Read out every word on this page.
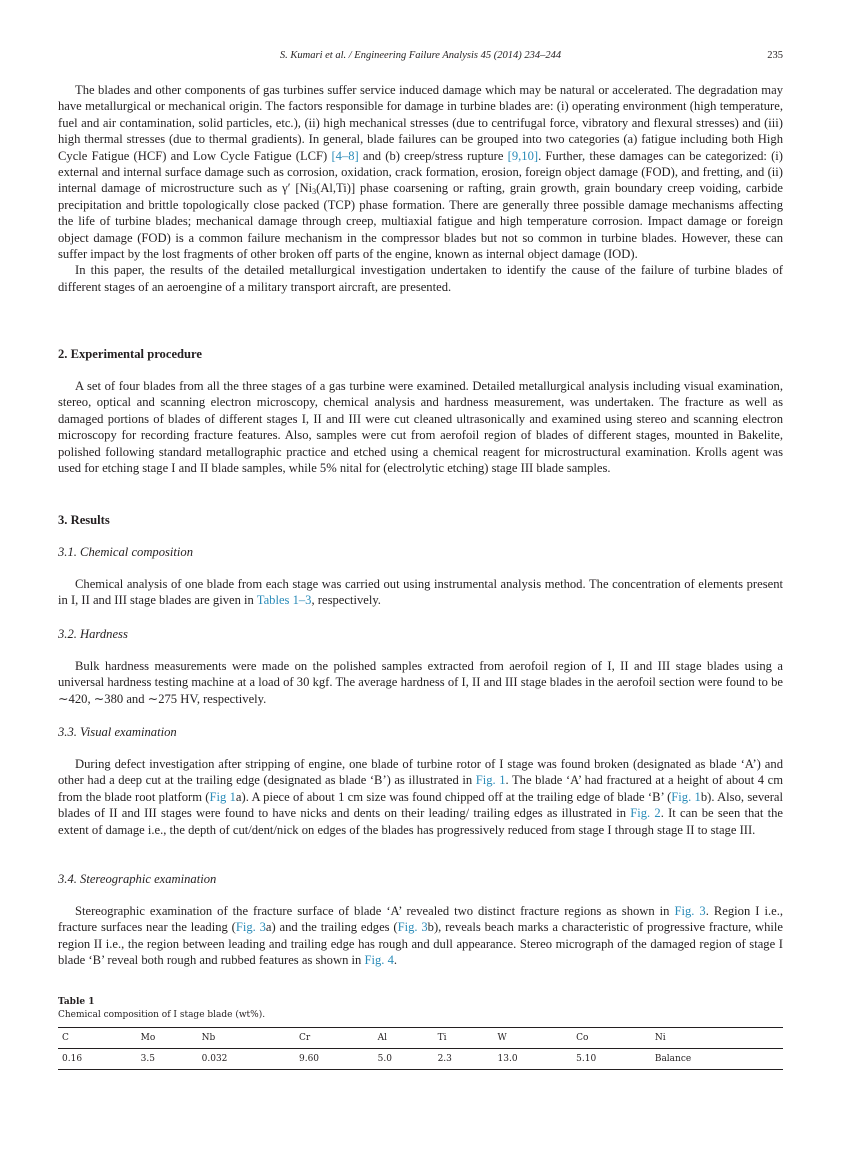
S. Kumari et al. / Engineering Failure Analysis 45 (2014) 234–244	235

The blades and other components of gas turbines suffer service induced damage which may be natural or accelerated. The degradation may have metallurgical or mechanical origin. The factors responsible for damage in turbine blades are: (i) operating environment (high temperature, fuel and air contamination, solid particles, etc.), (ii) high mechanical stresses (due to centrifugal force, vibratory and flexural stresses) and (iii) high thermal stresses (due to thermal gradients). In general, blade failures can be grouped into two categories (a) fatigue including both High Cycle Fatigue (HCF) and Low Cycle Fatigue (LCF) [4–8] and (b) creep/stress rupture [9,10]. Further, these damages can be categorized: (i) external and internal surface damage such as corrosion, oxidation, crack formation, erosion, foreign object damage (FOD), and fretting, and (ii) internal damage of microstructure such as γ′ $[Ni_3(Al,Ti)]$ phase coarsening or rafting, grain growth, grain boundary creep voiding, carbide precipitation and brittle topologically close packed (TCP) phase formation. There are generally three possible damage mechanisms affecting the life of turbine blades; mechanical damage through creep, multiaxial fatigue and high temperature corrosion. Impact damage or foreign object damage (FOD) is a common failure mechanism in the compressor blades but not so common in turbine blades. However, these can suffer impact by the lost fragments of other broken off parts of the engine, known as internal object damage (IOD).

In this paper, the results of the detailed metallurgical investigation undertaken to identify the cause of the failure of turbine blades of different stages of an aeroengine of a military transport aircraft, are presented.

2. Experimental procedure

A set of four blades from all the three stages of a gas turbine were examined. Detailed metallurgical analysis including visual examination, stereo, optical and scanning electron microscopy, chemical analysis and hardness measurement, was undertaken. The fracture as well as damaged portions of blades of different stages I, II and III were cut cleaned ultrasonically and examined using stereo and scanning electron microscopy for recording fracture features. Also, samples were cut from aerofoil region of blades of different stages, mounted in Bakelite, polished following standard metallographic practice and etched using a chemical reagent for microstructural examination. Krolls agent was used for etching stage I and II blade samples, while 5% nital for (electrolytic etching) stage III blade samples.

3. Results
3.1. Chemical composition

Chemical analysis of one blade from each stage was carried out using instrumental analysis method. The concentration of elements present in I, II and III stage blades are given in Tables 1–3, respectively.

3.2. Hardness

Bulk hardness measurements were made on the polished samples extracted from aerofoil region of I, II and III stage blades using a universal hardness testing machine at a load of 30 kgf. The average hardness of I, II and III stage blades in the aerofoil section were found to be ∼420, ∼380 and ∼275 HV, respectively.

3.3. Visual examination

During defect investigation after stripping of engine, one blade of turbine rotor of I stage was found broken (designated as blade ‘A’) and other had a deep cut at the trailing edge (designated as blade ‘B’) as illustrated in Fig. 1. The blade ‘A’ had fractured at a height of about 4 cm from the blade root platform (Fig 1a). A piece of about 1 cm size was found chipped off at the trailing edge of blade ‘B’ (Fig. 1b). Also, several blades of II and III stages were found to have nicks and dents on their leading/ trailing edges as illustrated in Fig. 2. It can be seen that the extent of damage i.e., the depth of cut/dent/nick on edges of the blades has progressively reduced from stage I through stage II to stage III.

3.4. Stereographic examination

Stereographic examination of the fracture surface of blade ‘A’ revealed two distinct fracture regions as shown in Fig. 3. Region I i.e., fracture surfaces near the leading (Fig. 3a) and the trailing edges (Fig. 3b), reveals beach marks a characteristic of progressive fracture, while region II i.e., the region between leading and trailing edge has rough and dull appearance. Stereo micrograph of the damaged region of stage I blade ‘B’ reveal both rough and rubbed features as shown in Fig. 4.

Table 1
Chemical composition of I stage blade (wt%).
C	Mo	Nb	Cr	Al	Ti	W	Co	Ni
0.16	3.5	0.032	9.60	5.0	2.3	13.0	5.10	Balance
